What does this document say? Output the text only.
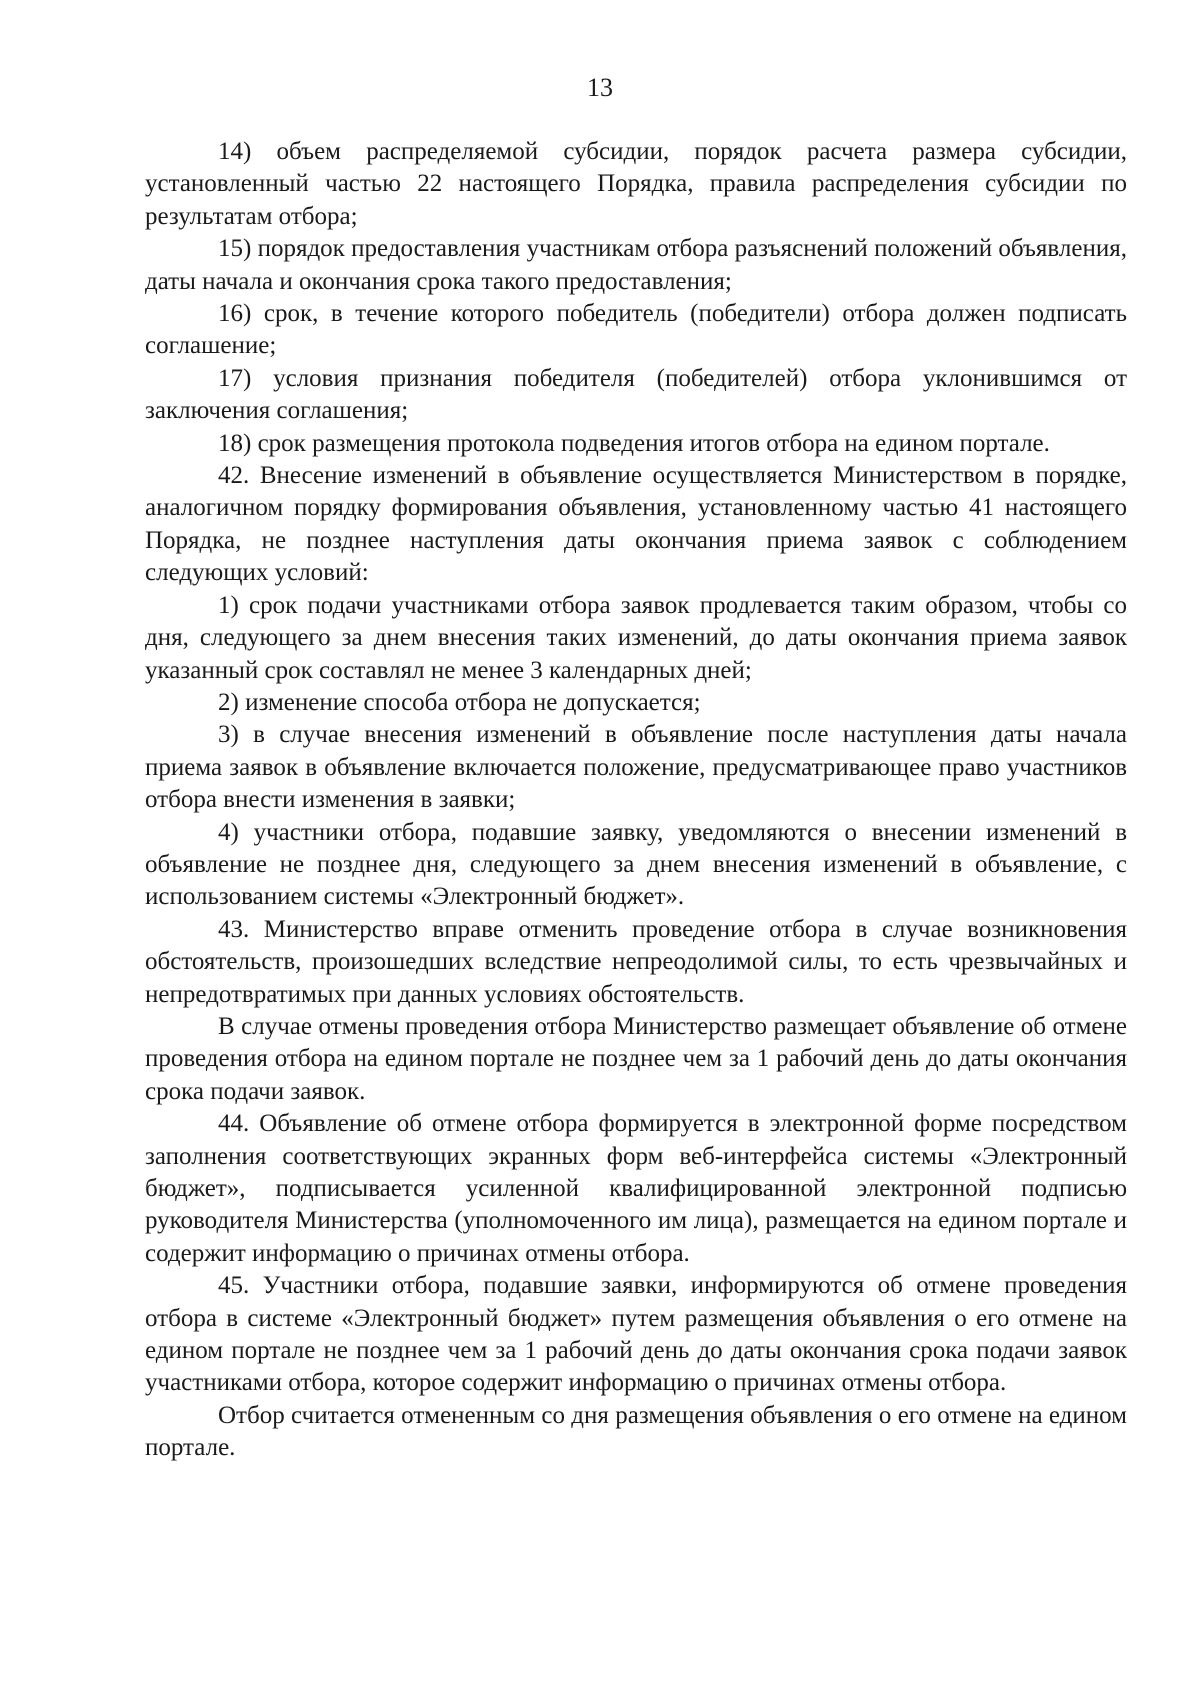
13

14) объем распределяемой субсидии, порядок расчета размера субсидии, установленный частью 22 настоящего Порядка, правила распределения субсидии по результатам отбора;

15) порядок предоставления участникам отбора разъяснений положений объявления, даты начала и окончания срока такого предоставления;

16) срок, в течение которого победитель (победители) отбора должен подписать соглашение;

17) условия признания победителя (победителей) отбора уклонившимся от заключения соглашения;

18) срок размещения протокола подведения итогов отбора на едином портале.

42. Внесение изменений в объявление осуществляется Министерством в порядке, аналогичном порядку формирования объявления, установленному частью 41 настоящего Порядка, не позднее наступления даты окончания приема заявок с соблюдением следующих условий:

1) срок подачи участниками отбора заявок продлевается таким образом, чтобы со дня, следующего за днем внесения таких изменений, до даты окончания приема заявок указанный срок составлял не менее 3 календарных дней;

2) изменение способа отбора не допускается;

3) в случае внесения изменений в объявление после наступления даты начала приема заявок в объявление включается положение, предусматривающее право участников отбора внести изменения в заявки;

4) участники отбора, подавшие заявку, уведомляются о внесении изменений в объявление не позднее дня, следующего за днем внесения изменений в объявление, с использованием системы «Электронный бюджет».

43. Министерство вправе отменить проведение отбора в случае возникновения обстоятельств, произошедших вследствие непреодолимой силы, то есть чрезвычайных и непредотвратимых при данных условиях обстоятельств.

В случае отмены проведения отбора Министерство размещает объявление об отмене проведения отбора на едином портале не позднее чем за 1 рабочий день до даты окончания срока подачи заявок.

44. Объявление об отмене отбора формируется в электронной форме посредством заполнения соответствующих экранных форм веб-интерфейса системы «Электронный бюджет», подписывается усиленной квалифицированной электронной подписью руководителя Министерства (уполномоченного им лица), размещается на едином портале и содержит информацию о причинах отмены отбора.

45. Участники отбора, подавшие заявки, информируются об отмене проведения отбора в системе «Электронный бюджет» путем размещения объявления о его отмене на едином портале не позднее чем за 1 рабочий день до даты окончания срока подачи заявок участниками отбора, которое содержит информацию о причинах отмены отбора.

Отбор считается отмененным со дня размещения объявления о его отмене на едином портале.
